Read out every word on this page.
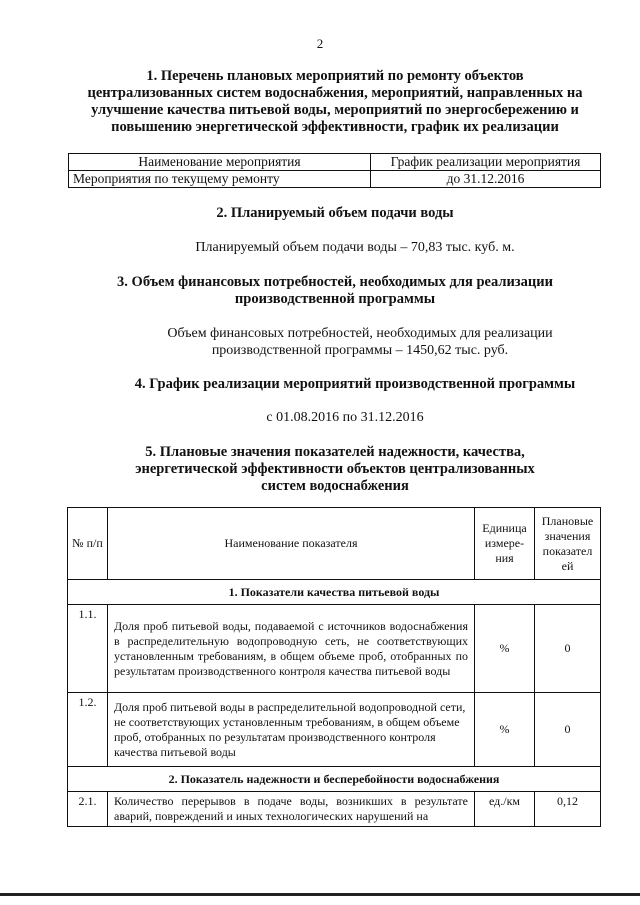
2
1. Перечень плановых мероприятий по ремонту объектов
централизованных систем водоснабжения, мероприятий, направленных на
улучшение качества питьевой воды, мероприятий по энергосбережению и
повышению энергетической эффективности, график их реализации
Наименование мероприятия	График реализации мероприятия
Мероприятия по текущему ремонту	до 31.12.2016
2. Планируемый объем подачи воды
Планируемый объем подачи воды – 70,83 тыс. куб. м.
3. Объем финансовых потребностей, необходимых для реализации
производственной программы
Объем финансовых потребностей, необходимых для реализации
производственной программы – 1450,62 тыс. руб.
4. График реализации мероприятий производственной программы
с 01.08.2016 по 31.12.2016
5. Плановые значения показателей надежности, качества,
энергетической эффективности объектов централизованных
систем водоснабжения
№ п/п	Наименование показателя	Единица измере-ния	Плановые значения показател ей
1. Показатели качества питьевой воды			
1.1.	Доля проб питьевой воды, подаваемой с источников водоснабжения в распределительную водопроводную сеть, не соответствующих установленным требованиям, в общем объеме проб, отобранных по результатам производственного контроля качества питьевой воды	%	0
1.2.	Доля проб питьевой воды в распределительной водопроводной сети, не соответствующих установленным требованиям, в общем объеме проб, отобранных по результатам производственного контроля качества питьевой воды	%	0
2. Показатель надежности и бесперебойности водоснабжения			
2.1.	Количество перерывов в подаче воды, возникших в результате аварий, повреждений и иных технологических нарушений на	ед./км	0,12
